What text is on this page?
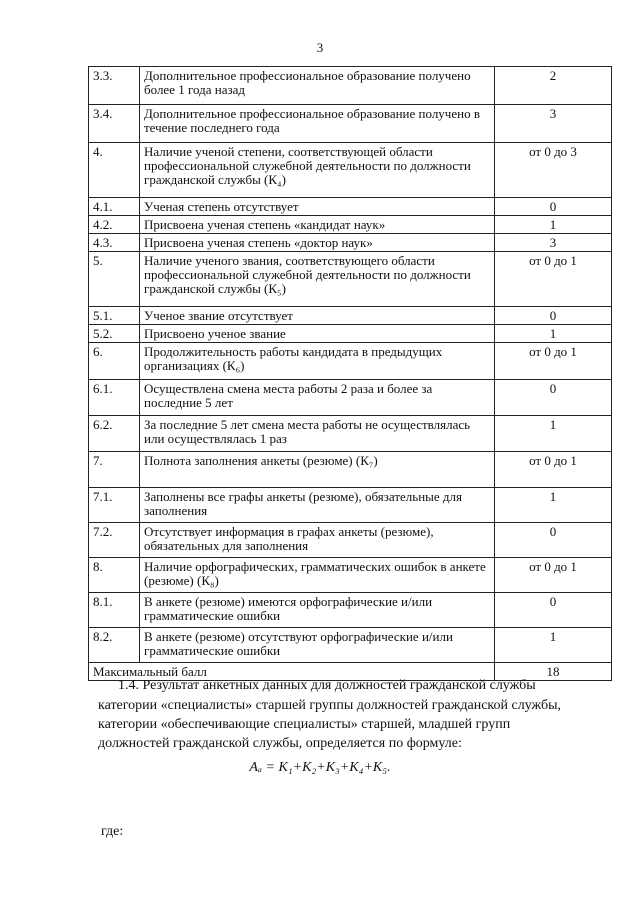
3
3.3.	Дополнительное профессиональное образование получено более 1 года назад	2
3.4.	Дополнительное профессиональное образование получено в течение последнего года	3
4.	Наличие ученой степени, соответствующей области профессиональной служебной деятельности по должности гражданской службы (К₄)	от 0 до 3
4.1.	Ученая степень отсутствует	0
4.2.	Присвоена ученая степень «кандидат наук»	1
4.3.	Присвоена ученая степень «доктор наук»	3
5.	Наличие ученого звания, соответствующего области профессиональной служебной деятельности по должности гражданской службы (К₅)	от 0 до 1
5.1.	Ученое звание отсутствует	0
5.2.	Присвоено ученое звание	1
6.	Продолжительность работы кандидата в предыдущих организациях (К₆)	от 0 до 1
6.1.	Осуществлена смена места работы 2 раза и более за последние 5 лет	0
6.2.	За последние 5 лет смена места работы не осуществлялась или осуществлялась 1 раз	1
7.	Полнота заполнения анкеты (резюме) (К₇)	от 0 до 1
7.1.	Заполнены все графы анкеты (резюме), обязательные для заполнения	1
7.2.	Отсутствует информация в графах анкеты (резюме), обязательных для заполнения	0
8.	Наличие орфографических, грамматических ошибок в анкете (резюме) (К₈)	от 0 до 1
8.1.	В анкете (резюме) имеются орфографические и/или грамматические ошибки	0
8.2.	В анкете (резюме) отсутствуют орфографические и/или грамматические ошибки	1
Максимальный балл		18
1.4. Результат анкетных данных для должностей гражданской службы
категории «специалисты» старшей группы должностей гражданской службы,
категории «обеспечивающие специалисты» старшей, младшей групп
должностей гражданской службы, определяется по формуле:
Аₐ = К₁+К₂+К₃+К₄+К₅.
где:
